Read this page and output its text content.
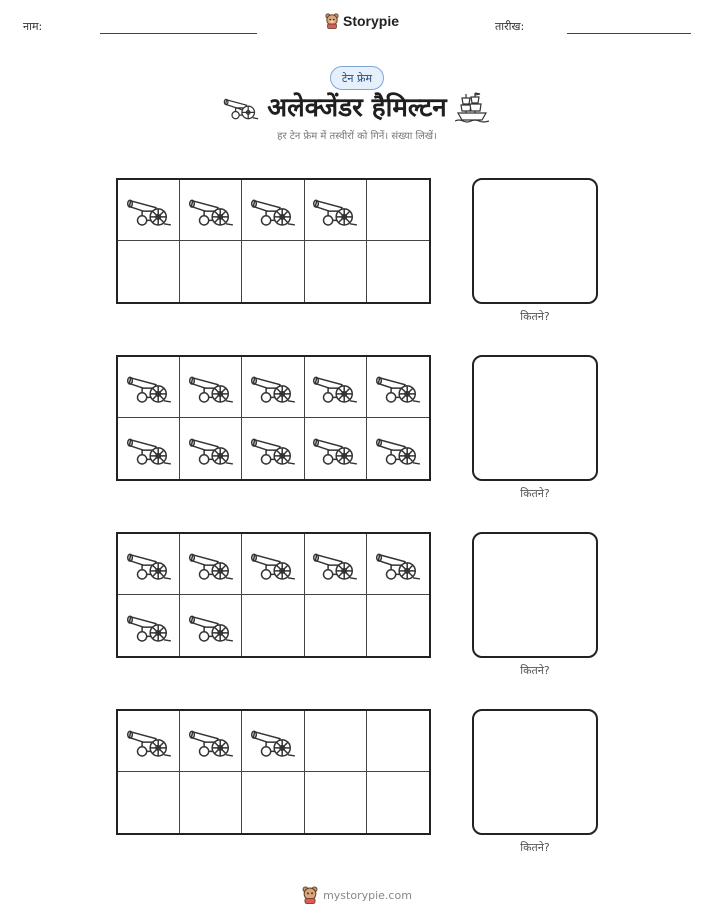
नाम:	Storypie	तारीख:
टेन फ्रेम
अलेक्जेंडर हैमिल्टन
हर टेन फ्रेम में तस्वीरों को गिनें। संख्या लिखें।
कितने?
कितने?
कितने?
कितने?
mystorypie.com
